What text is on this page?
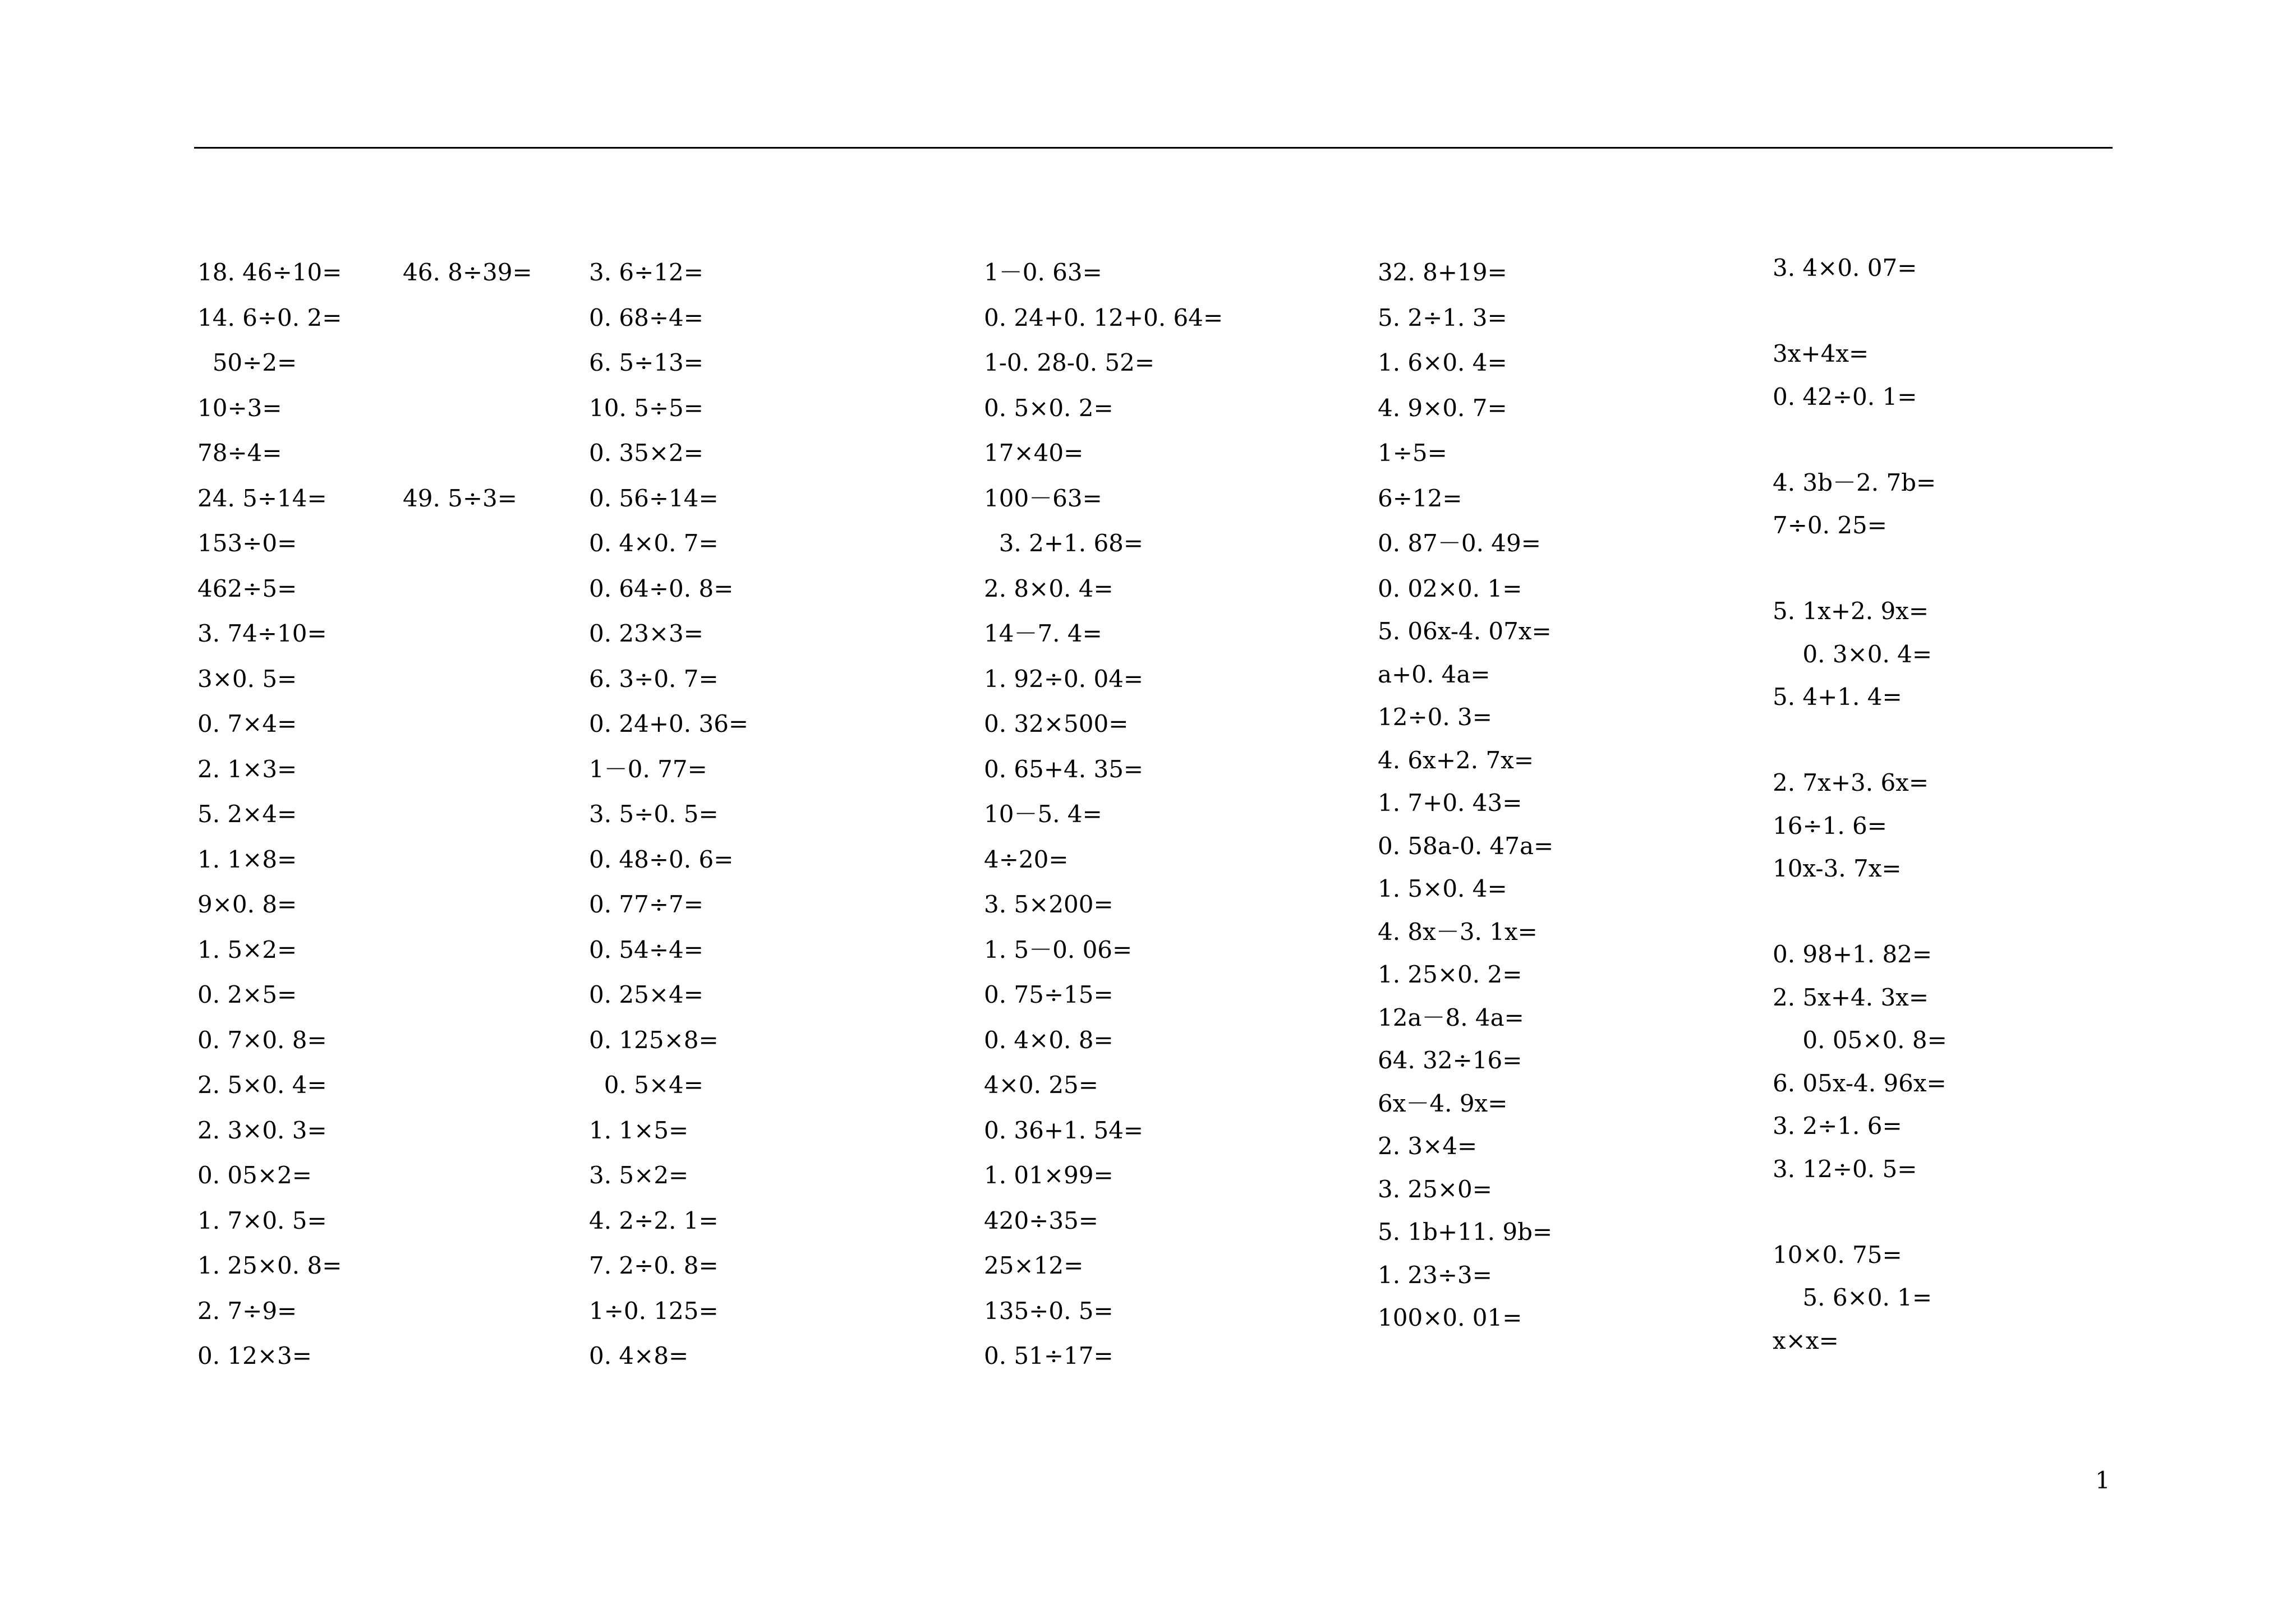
18. 46÷10=
14. 6÷0. 2=
50÷2=
10÷3=
78÷4=
24. 5÷14=
153÷0=
462÷5=
3. 74÷10=
3×0. 5=
0. 7×4=
2. 1×3=
5. 2×4=
1. 1×8=
9×0. 8=
1. 5×2=
0. 2×5=
0. 7×0. 8=
2. 5×0. 4=
2. 3×0. 3=
0. 05×2=
1. 7×0. 5=
1. 25×0. 8=
2. 7÷9=
0. 12×3=
46. 8÷39=
49. 5÷3=
3. 6÷12=
0. 68÷4=
6. 5÷13=
10. 5÷5=
0. 35×2=
0. 56÷14=
0. 4×0. 7=
0. 64÷0. 8=
0. 23×3=
6. 3÷0. 7=
0. 24+0. 36=
1－0. 77=
3. 5÷0. 5=
0. 48÷0. 6=
0. 77÷7=
0. 54÷4=
0. 25×4=
0. 125×8=
0. 5×4=
1. 1×5=
3. 5×2=
4. 2÷2. 1=
7. 2÷0. 8=
1÷0. 125=
0. 4×8=
1－0. 63=
0. 24+0. 12+0. 64=
1-0. 28-0. 52=
0. 5×0. 2=
17×40=
100－63=
3. 2+1. 68=
2. 8×0. 4=
14－7. 4=
1. 92÷0. 04=
0. 32×500=
0. 65+4. 35=
10－5. 4=
4÷20=
3. 5×200=
1. 5－0. 06=
0. 75÷15=
0. 4×0. 8=
4×0. 25=
0. 36+1. 54=
1. 01×99=
420÷35=
25×12=
135÷0. 5=
0. 51÷17=
32. 8+19=
5. 2÷1. 3=
1. 6×0. 4=
4. 9×0. 7=
1÷5=
6÷12=
0. 87－0. 49=
0. 02×0. 1=
5. 06x-4. 07x=
a+0. 4a=
12÷0. 3=
4. 6x+2. 7x=
1. 7+0. 43=
0. 58a-0. 47a=
1. 5×0. 4=
4. 8x－3. 1x=
1. 25×0. 2=
12a－8. 4a=
64. 32÷16=
6x－4. 9x=
2. 3×4=
3. 25×0=
5. 1b+11. 9b=
1. 23÷3=
100×0. 01=
3. 4×0. 07=
3x+4x=
0. 42÷0. 1=
4. 3b－2. 7b=
7÷0. 25=
5. 1x+2. 9x=
0. 3×0. 4=
5. 4+1. 4=
2. 7x+3. 6x=
16÷1. 6=
10x-3. 7x=
0. 98+1. 82=
2. 5x+4. 3x=
0. 05×0. 8=
6. 05x-4. 96x=
3. 2÷1. 6=
3. 12÷0. 5=
10×0. 75=
5. 6×0. 1=
x×x=
1
